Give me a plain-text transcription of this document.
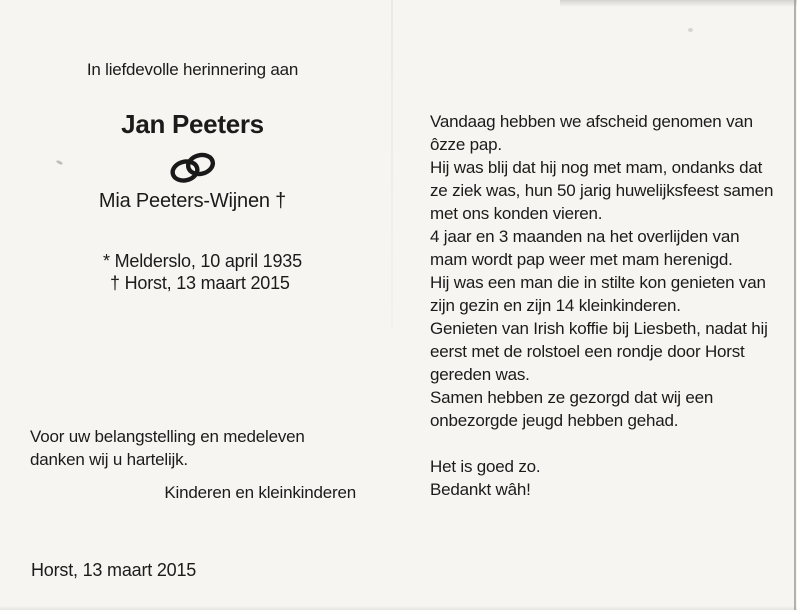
In liefdevolle herinnering aan
Jan Peeters
Mia Peeters-Wijnen †
* Melderslo, 10 april 1935
† Horst, 13 maart 2015
Voor uw belangstelling en medeleven
danken wij u hartelijk.
Kinderen en kleinkinderen
Horst, 13 maart 2015
Vandaag hebben we afscheid genomen van
ôzze pap.
Hij was blij dat hij nog met mam, ondanks dat
ze ziek was, hun 50 jarig huwelijksfeest samen
met ons konden vieren.
4 jaar en 3 maanden na het overlijden van
mam wordt pap weer met mam herenigd.
Hij was een man die in stilte kon genieten van
zijn gezin en zijn 14 kleinkinderen.
Genieten van Irish koffie bij Liesbeth, nadat hij
eerst met de rolstoel een rondje door Horst
gereden was.
Samen hebben ze gezorgd dat wij een
onbezorgde jeugd hebben gehad.
Het is goed zo.
Bedankt wâh!
